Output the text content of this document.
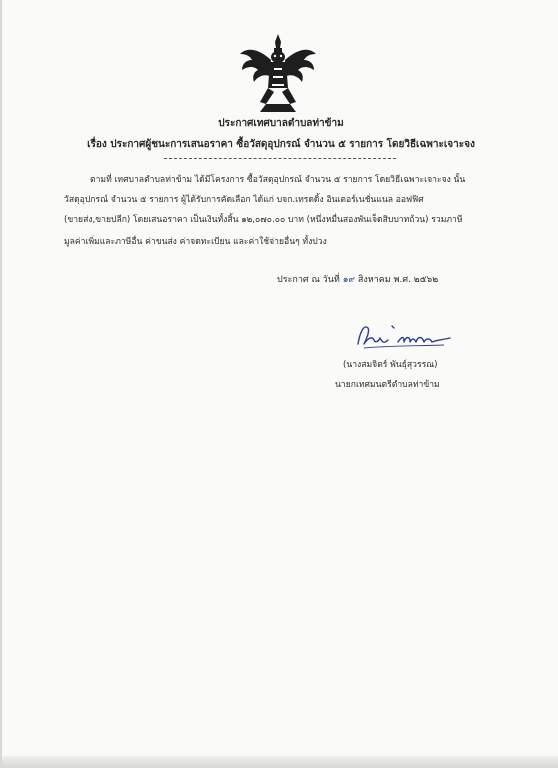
ประกาศเทศบาลตำบลท่าข้าม
เรื่อง ประกาศผู้ชนะการเสนอราคา ซื้อวัสดุอุปกรณ์ จำนวน ๕ รายการ โดยวิธีเฉพาะเจาะจง
ตามที่ เทศบาลตำบลท่าข้าม ได้มีโครงการ ซื้อวัสดุอุปกรณ์ จำนวน ๕ รายการ โดยวิธีเฉพาะเจาะจง นั้น
วัสดุอุปกรณ์ จำนวน ๕ รายการ ผู้ได้รับการคัดเลือก ได้แก่ บจก.เทรดดิ้ง อินเตอร์เนชั่นแนล ออฟฟิศ
(ขายส่ง,ขายปลีก) โดยเสนอราคา เป็นเงินทั้งสิ้น ๑๒,๐๗๐.๐๐ บาท (หนึ่งหมื่นสองพันเจ็ดสิบบาทถ้วน) รวมภาษี
มูลค่าเพิ่มและภาษีอื่น ค่าขนส่ง ค่าจดทะเบียน และค่าใช้จ่ายอื่นๆ ทั้งปวง
ประกาศ ณ วันที่ ๑๙ สิงหาคม พ.ศ. ๒๕๖๒
(นางสมจิตร์ พันธุ์สุวรรณ)
นายกเทศมนตรีตำบลท่าข้าม
